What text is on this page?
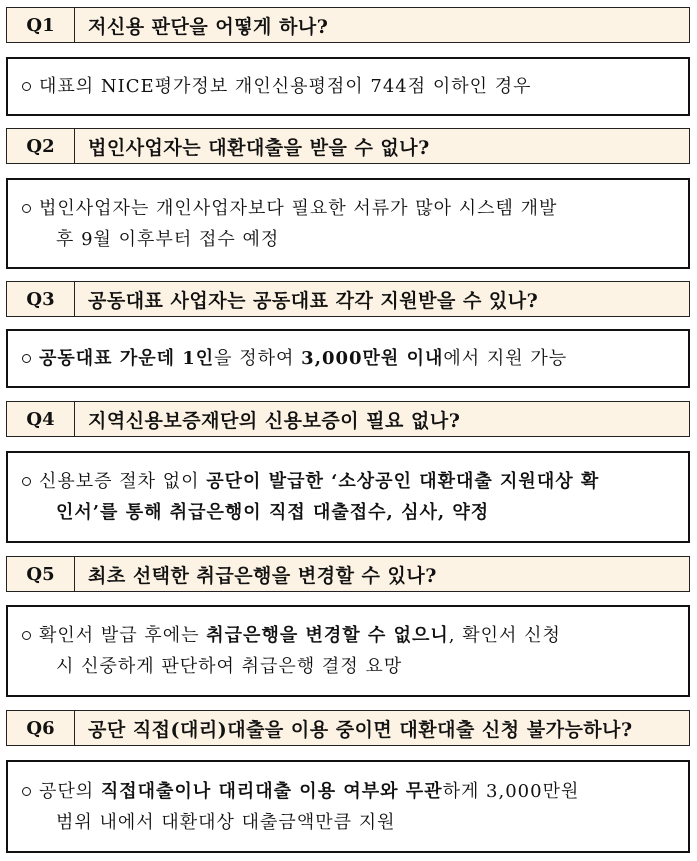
Q1	저신용 판단을 어떻게 하나?
대표의 NICE평가정보 개인신용평점이 744점 이하인 경우
Q2	법인사업자는 대환대출을 받을 수 없나?
법인사업자는 개인사업자보다 필요한 서류가 많아 시스템 개발
후 9월 이후부터 접수 예정
Q3	공동대표 사업자는 공동대표 각각 지원받을 수 있나?
공동대표 가운데 1인을 정하여 3,000만원 이내에서 지원 가능
Q4	지역신용보증재단의 신용보증이 필요 없나?
신용보증 절차 없이 공단이 발급한 ‘소상공인 대환대출 지원대상 확
인서’를 통해 취급은행이 직접 대출접수, 심사, 약정
Q5	최초 선택한 취급은행을 변경할 수 있나?
확인서 발급 후에는 취급은행을 변경할 수 없으니, 확인서 신청
시 신중하게 판단하여 취급은행 결정 요망
Q6	공단 직접(대리)대출을 이용 중이면 대환대출 신청 불가능하나?
공단의 직접대출이나 대리대출 이용 여부와 무관하게 3,000만원
범위 내에서 대환대상 대출금액만큼 지원
